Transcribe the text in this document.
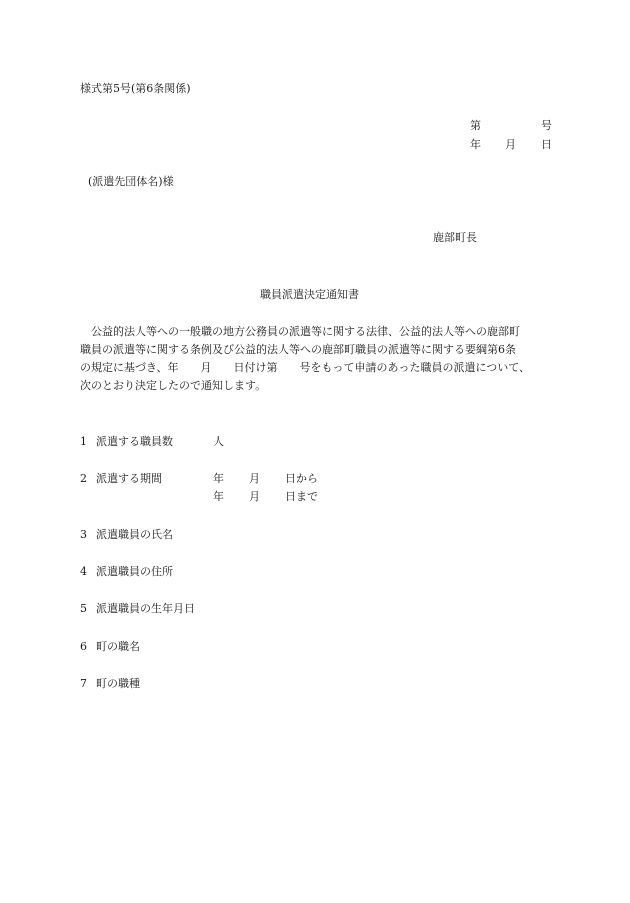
様式第5号(第6条関係)
第	号
年 月 日
(派遣先団体名)様
鹿部町長
職員派遣決定通知書
公益的法人等への一般職の地方公務員の派遣等に関する法律、公益的法人等への鹿部町
職員の派遣等に関する条例及び公益的法人等への鹿部町職員の派遣等に関する要綱第6条
の規定に基づき、年　　月　　日付け第　　号をもって申請のあった職員の派遣について、
次のとおり決定したので通知します。
1 派遣する職員数	人
2 派遣する期間	年 月 日から
年 月 日まで
3 派遣職員の氏名
4 派遣職員の住所
5 派遣職員の生年月日
6 町の職名
7 町の職種
